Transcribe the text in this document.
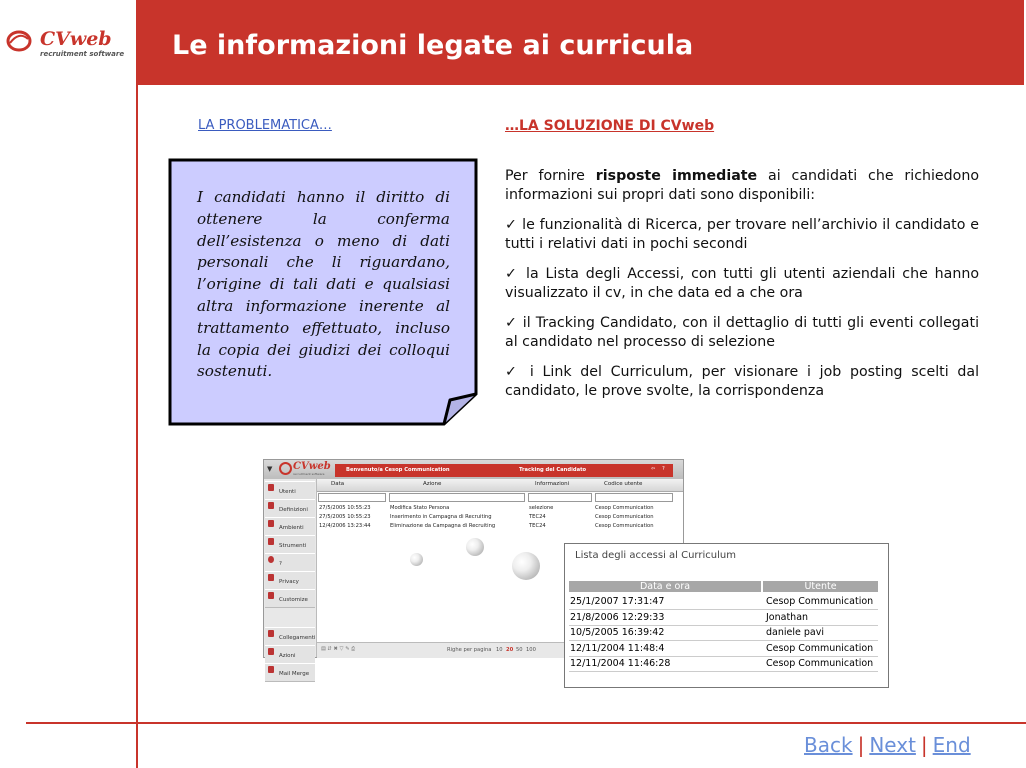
CVweb
recruitment software Le informazioni legate ai curricula
LA PROBLEMATICA…	…LA SOLUZIONE DI CVweb
I candidati hanno il diritto di ottenere la conferma dell’esistenza o meno di dati personali che li riguardano, l’origine di tali dati e qualsiasi altra informazione inerente al trattamento effettuato, incluso la copia dei giudizi dei colloqui sostenuti.

Per fornire risposte immediate ai candidati che richiedono informazioni sui propri dati sono disponibili:

✓ le funzionalità di Ricerca, per trovare nell’archivio il candidato e tutti i relativi dati in pochi secondi

✓ la Lista degli Accessi, con tutti gli utenti aziendali che hanno visualizzato il cv, in che data ed a che ora

✓ il Tracking Candidato, con il dettaglio di tutti gli eventi collegati al candidato nel processo di selezione

✓ i Link del Curriculum, per visionare i job posting scelti dal candidato, le prove svolte, la corrispondenza

▼ CVweb
recruitment software
Benvenuto/a Cesop Communication	Tracking del Candidato	⇦ ?
Utenti
Definizioni
Ambienti
Strumenti
?
Privacy
Customize
Collegamenti
Azioni
Mail Merge
Data	Azione	Informazioni	Codice utente
27/5/2005 10:55:23	Modifica Stato Persona	selezione	Cesop Communication
27/5/2005 10:55:23	Inserimento in Campagna di Recruiting	TEC24	Cesop Communication
12/4/2006 13:23:44	Eliminazione da Campagna di Recruiting	TEC24	Cesop Communication
▤ ⇵ ✖ ▽ ✎ ⎙	Righe per pagina 10 20 50 100
Lista degli accessi al Curriculum
Data e ora	Utente
25/1/2007 17:31:47	Cesop Communication
21/8/2006 12:29:33	Jonathan
10/5/2005 16:39:42	daniele pavi
12/11/2004 11:48:4	Cesop Communication
12/11/2004 11:46:28	Cesop Communication
Back | Next | End
